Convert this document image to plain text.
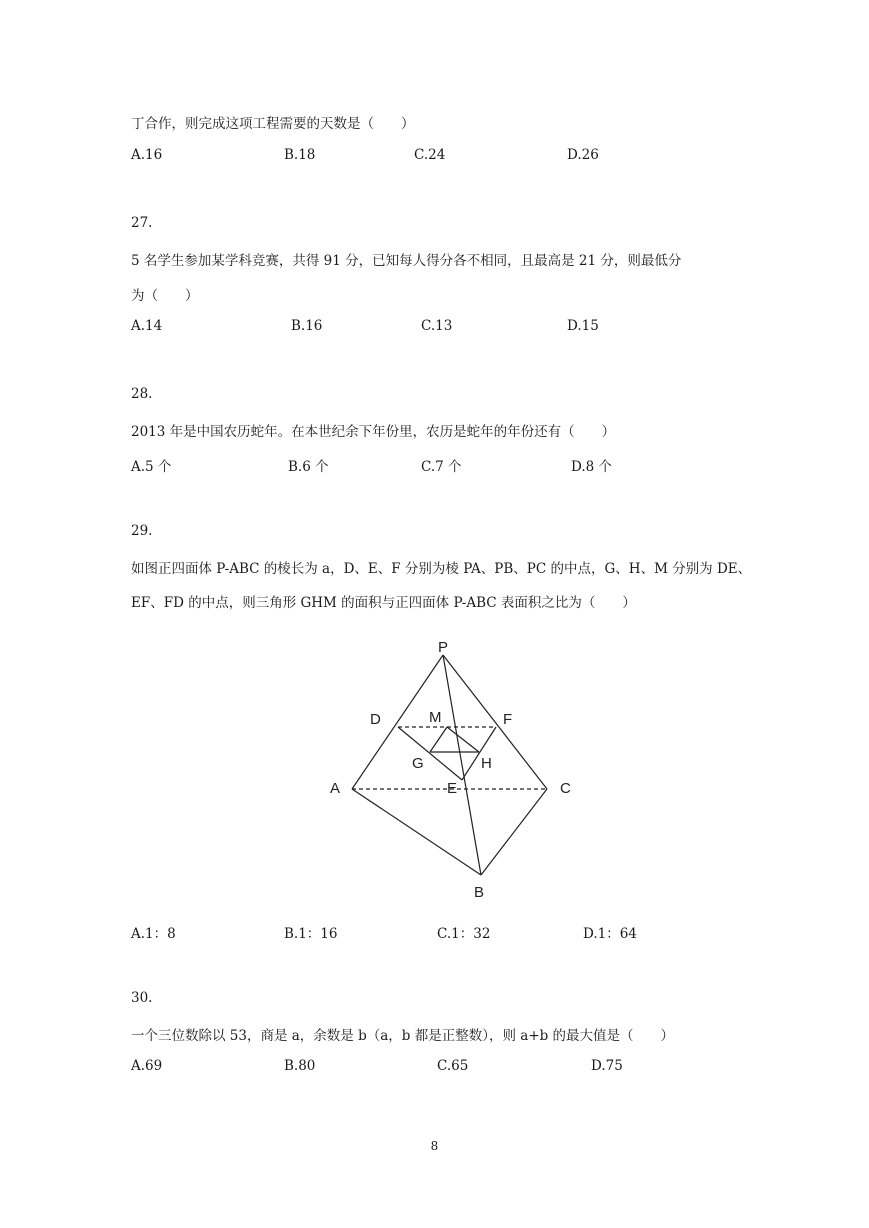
丁合作，则完成这项工程需要的天数是（　　）
A.16	B.18	C.24	D.26
27.
5 名学生参加某学科竞赛，共得 91 分，已知每人得分各不相同，且最高是 21 分，则最低分
为（　　）
A.14	B.16	C.13	D.15
28.
2013 年是中国农历蛇年。在本世纪余下年份里，农历是蛇年的年份还有（　　）
A.5 个	B.6 个	C.7 个	D.8 个
29.
如图正四面体 P-ABC 的棱长为 a，D、E、F 分别为棱 PA、PB、PC 的中点，G、H、M 分别为 DE、
EF、FD 的中点，则三角形 GHM 的面积与正四面体 P-ABC 表面积之比为（　　）
P
D	M	F
G	H
A	E	C
B
A.1：8	B.1：16	C.1：32	D.1：64
30.
一个三位数除以 53，商是 a，余数是 b（a，b 都是正整数），则 a+b 的最大值是（　　）
A.69	B.80	C.65	D.75
8
